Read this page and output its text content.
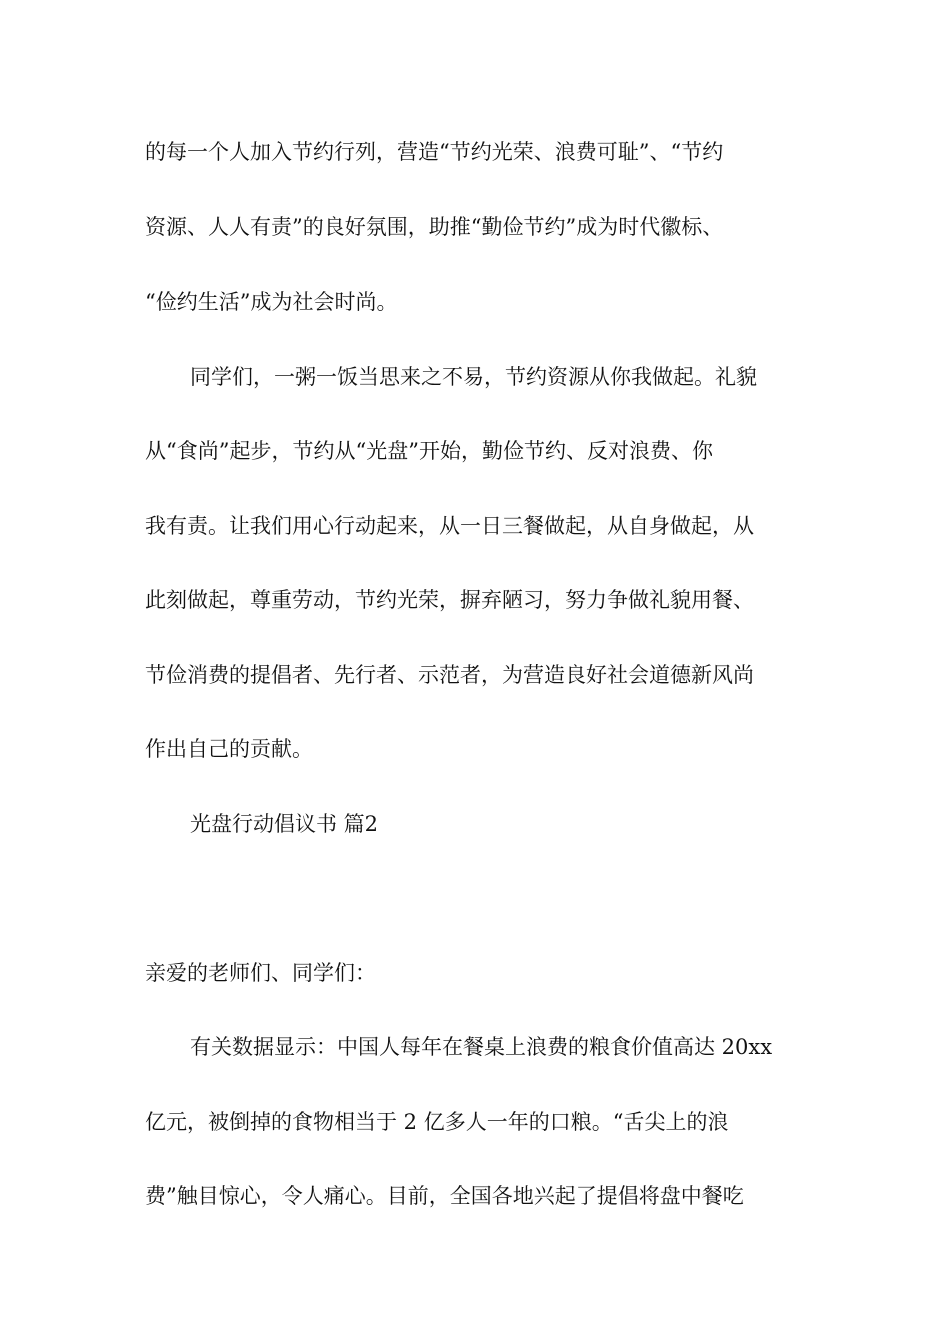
的每一个人加入节约行列，营造“节约光荣、浪费可耻”、“节约
资源、人人有责”的良好氛围，助推“勤俭节约”成为时代徽标、
“俭约生活”成为社会时尚。
同学们，一粥一饭当思来之不易，节约资源从你我做起。礼貌
从“食尚”起步，节约从“光盘”开始，勤俭节约、反对浪费、你
我有责。让我们用心行动起来，从一日三餐做起，从自身做起，从
此刻做起，尊重劳动，节约光荣，摒弃陋习，努力争做礼貌用餐、
节俭消费的提倡者、先行者、示范者，为营造良好社会道德新风尚
作出自己的贡献。
光盘行动倡议书 篇2
亲爱的老师们、同学们：
有关数据显示：中国人每年在餐桌上浪费的粮食价值高达 20xx
亿元，被倒掉的食物相当于 2 亿多人一年的口粮。“舌尖上的浪
费”触目惊心，令人痛心。目前，全国各地兴起了提倡将盘中餐吃
